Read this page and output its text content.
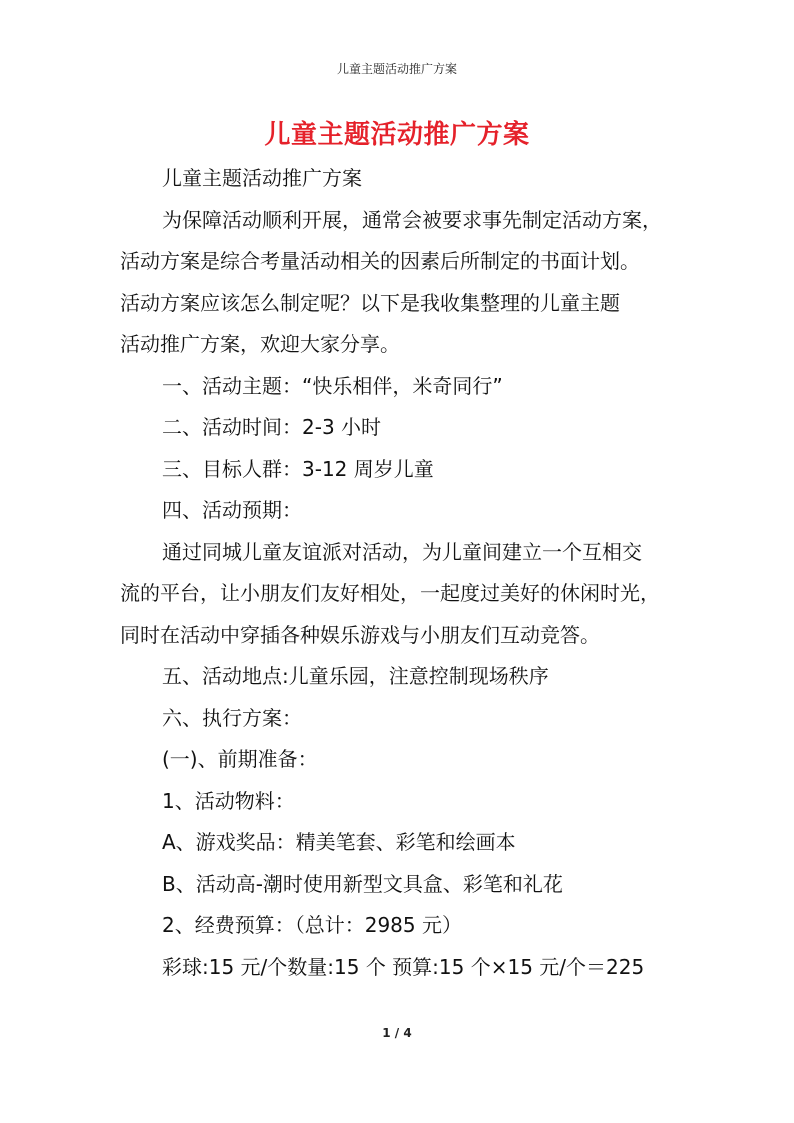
儿童主题活动推广方案
儿童主题活动推广方案

儿童主题活动推广方案

为保障活动顺利开展，通常会被要求事先制定活动方案，
活动方案是综合考量活动相关的因素后所制定的书面计划。
活动方案应该怎么制定呢？以下是我收集整理的儿童主题
活动推广方案，欢迎大家分享。

一、活动主题：“快乐相伴，米奇同行”

二、活动时间：2-3 小时

三、目标人群：3-12 周岁儿童

四、活动预期：

通过同城儿童友谊派对活动，为儿童间建立一个互相交
流的平台，让小朋友们友好相处，一起度过美好的休闲时光，
同时在活动中穿插各种娱乐游戏与小朋友们互动竞答。

五、活动地点:儿童乐园，注意控制现场秩序

六、执行方案：

(一)、前期准备：

1、活动物料：

A、游戏奖品：精美笔套、彩笔和绘画本

B、活动高-潮时使用新型文具盒、彩笔和礼花

2、经费预算：（总计：2985 元）

彩球:15 元/个数量:15 个 预算:15 个×15 元/个＝225

1 / 4
